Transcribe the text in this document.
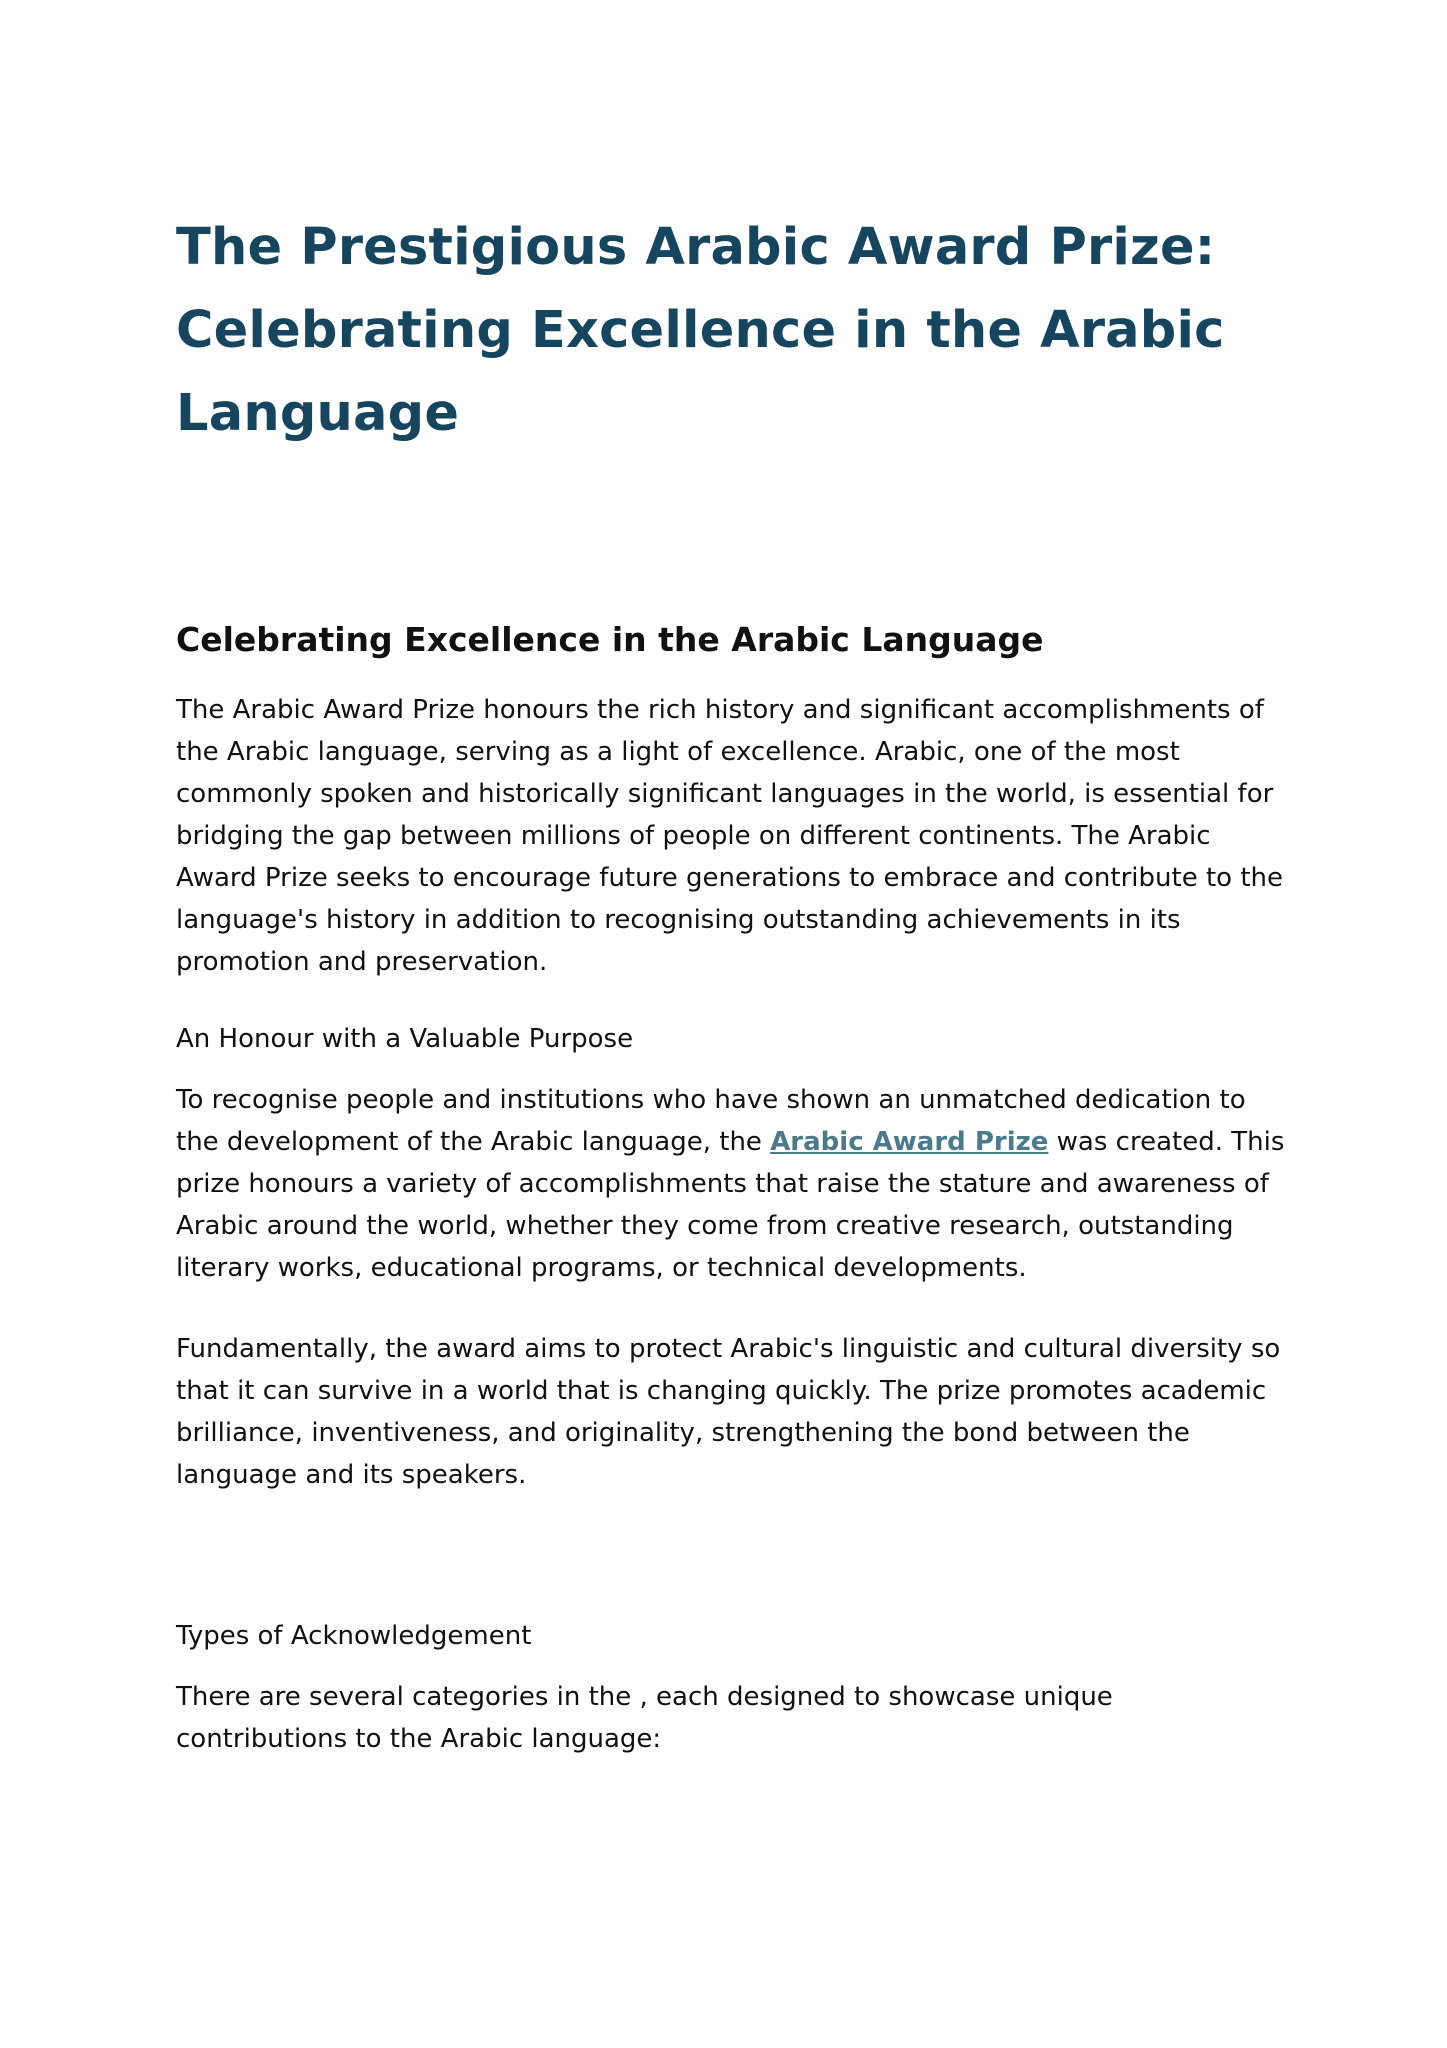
The Prestigious Arabic Award Prize: Celebrating Excellence in the Arabic Language
Celebrating Excellence in the Arabic Language

The Arabic Award Prize honours the rich history and significant accomplishments of the Arabic language, serving as a light of excellence. Arabic, one of the most commonly spoken and historically significant languages in the world, is essential for bridging the gap between millions of people on different continents. The Arabic Award Prize seeks to encourage future generations to embrace and contribute to the language's history in addition to recognising outstanding achievements in its promotion and preservation.

An Honour with a Valuable Purpose

To recognise people and institutions who have shown an unmatched dedication to the development of the Arabic language, the Arabic Award Prize was created. This prize honours a variety of accomplishments that raise the stature and awareness of Arabic around the world, whether they come from creative research, outstanding literary works, educational programs, or technical developments.

Fundamentally, the award aims to protect Arabic's linguistic and cultural diversity so that it can survive in a world that is changing quickly. The prize promotes academic brilliance, inventiveness, and originality, strengthening the bond between the language and its speakers.

Types of Acknowledgement

There are several categories in the , each designed to showcase unique contributions to the Arabic language:
